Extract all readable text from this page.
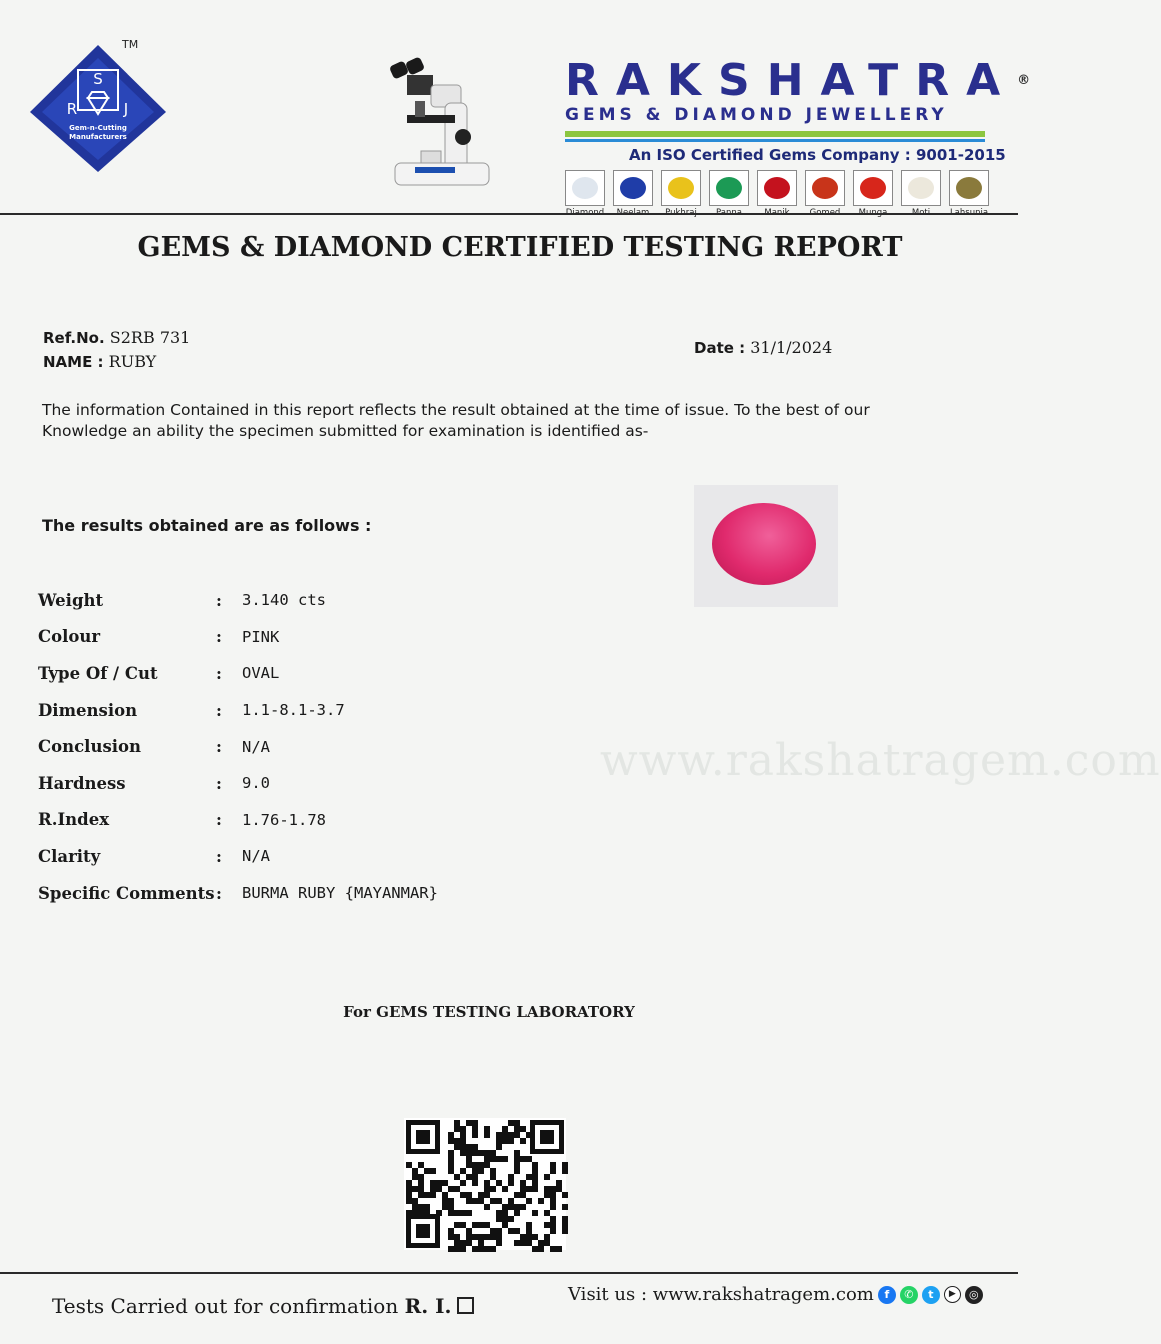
www.rakshatragem.com
S
R	J
Gem-n-Cutting
Manufacturers
TM
RAKSHATRA®
GEMS & DIAMOND JEWELLERY
An ISO Certified Gems Company : 9001-2015
GEMS & DIAMOND CERTIFIED TESTING REPORT
Ref.No. S2RB 731
NAME : RUBY
Date : 31/1/2024
The information Contained in this report reflects the result obtained at the time of issue. To the best of our Knowledge an ability the specimen submitted for examination is identified as-
The results obtained are as follows :
Weight	:	3.140 cts
Colour	:	PINK
Type Of / Cut	:	OVAL
Dimension	:	1.1-8.1-3.7
Conclusion	:	N/A
Hardness	:	9.0
R.Index	:	1.76-1.78
Clarity	:	N/A
Specific Comments :	BURMA RUBY {MAYANMAR}
For GEMS TESTING LABORATORY
Tests Carried out for confirmation R. I.	Visit us : www.rakshatragem.com f	✆	t	▶	◎
